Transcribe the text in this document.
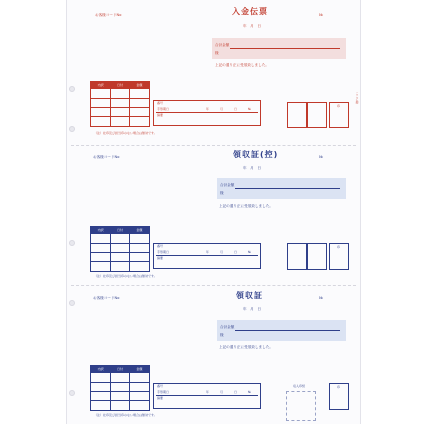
ここに控
お客様コードNo	入金伝票	№
年　月　日
合計金額
様
上記の通り正に受領致しました。
内訳	日付	金額
番号
手形期日	年	月	日	№
摘要
（注）社印及び担当印のない場合は無効です。
印
お客様コードNo	領収証(控)	№
年　月　日
合計金額
様
上記の通り正に受領致しました。
内訳	日付	金額
番号
手形期日	年	月	日	№
摘要
（注）社印及び担当印のない場合は無効です。
印
お客様コードNo	領収証	№
年　月　日
合計金額
様
上記の通り正に受領致しました。
内訳	日付	金額
番号
手形期日	年	月	日	№
摘要
（注）社印及び担当印のない場合は無効です。
収入印紙	印
